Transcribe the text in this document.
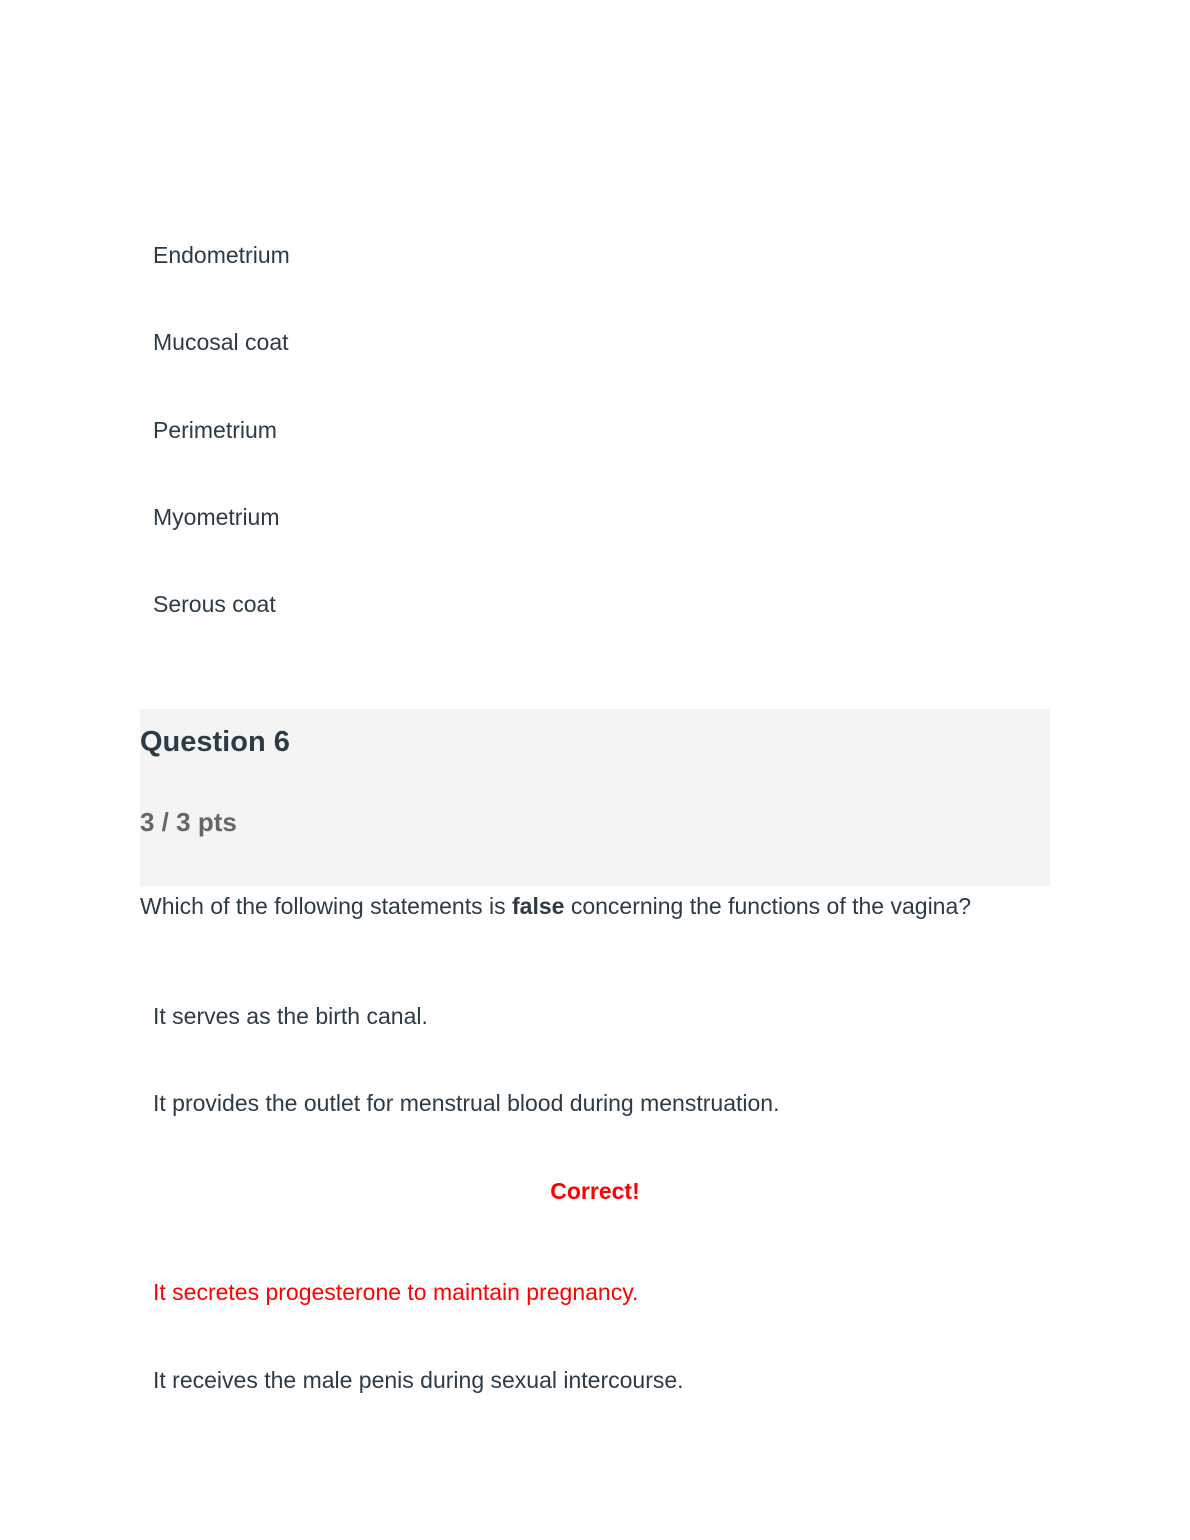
Endometrium
Mucosal coat
Perimetrium
Myometrium
Serous coat
Question 6
3 / 3 pts
Which of the following statements is false concerning the functions of the vagina?
It serves as the birth canal.
It provides the outlet for menstrual blood during menstruation.
Correct!
It secretes progesterone to maintain pregnancy.
It receives the male penis during sexual intercourse.
